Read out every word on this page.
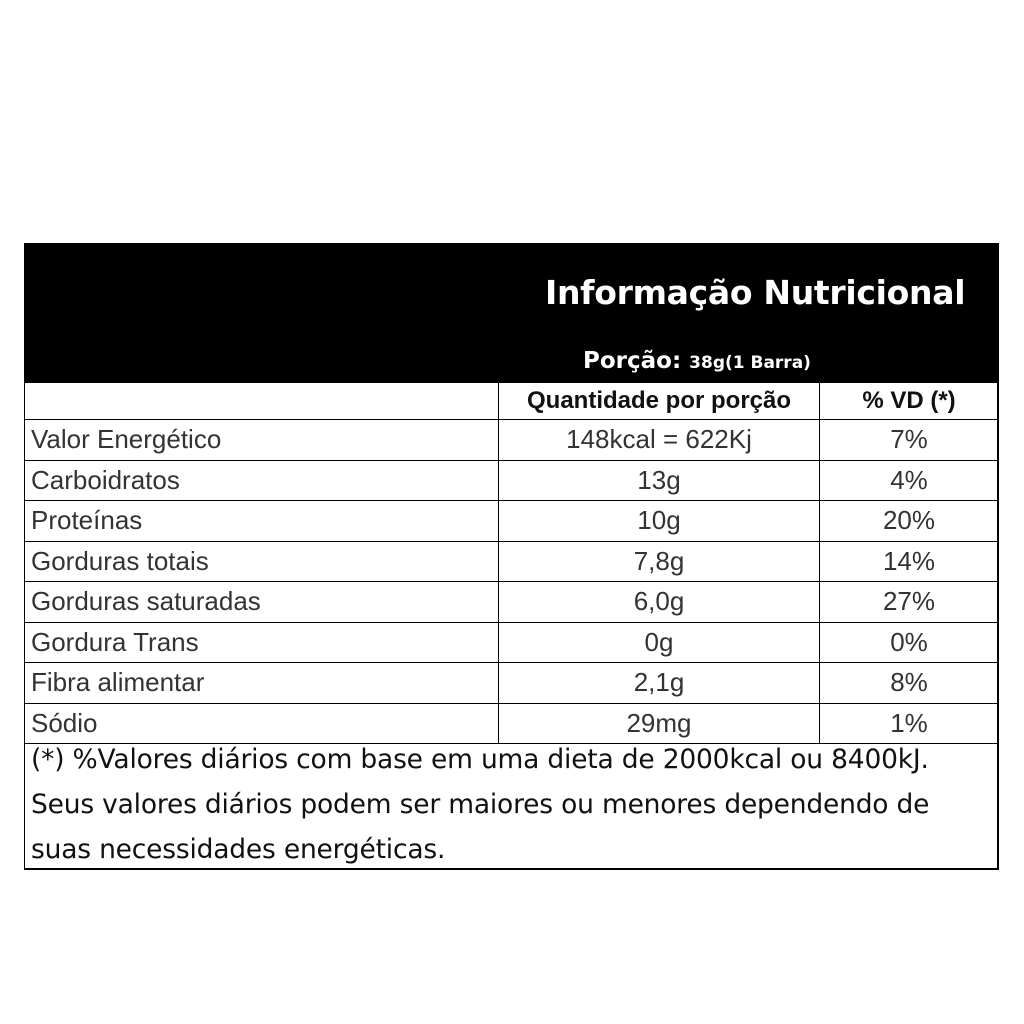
Informação Nutricional
Porção: 38g(1 Barra)
	Quantidade por porção	% VD (*)
Valor Energético	148kcal = 622Kj	7%
Carboidratos	13g	4%
Proteínas	10g	20%
Gorduras totais	7,8g	14%
Gorduras saturadas	6,0g	27%
Gordura Trans	0g	0%
Fibra alimentar	2,1g	8%
Sódio	29mg	1%
(*) %Valores diários com base em uma dieta de 2000kcal ou 8400kJ. Seus valores diários podem ser maiores ou menores dependendo de suas necessidades energéticas.
